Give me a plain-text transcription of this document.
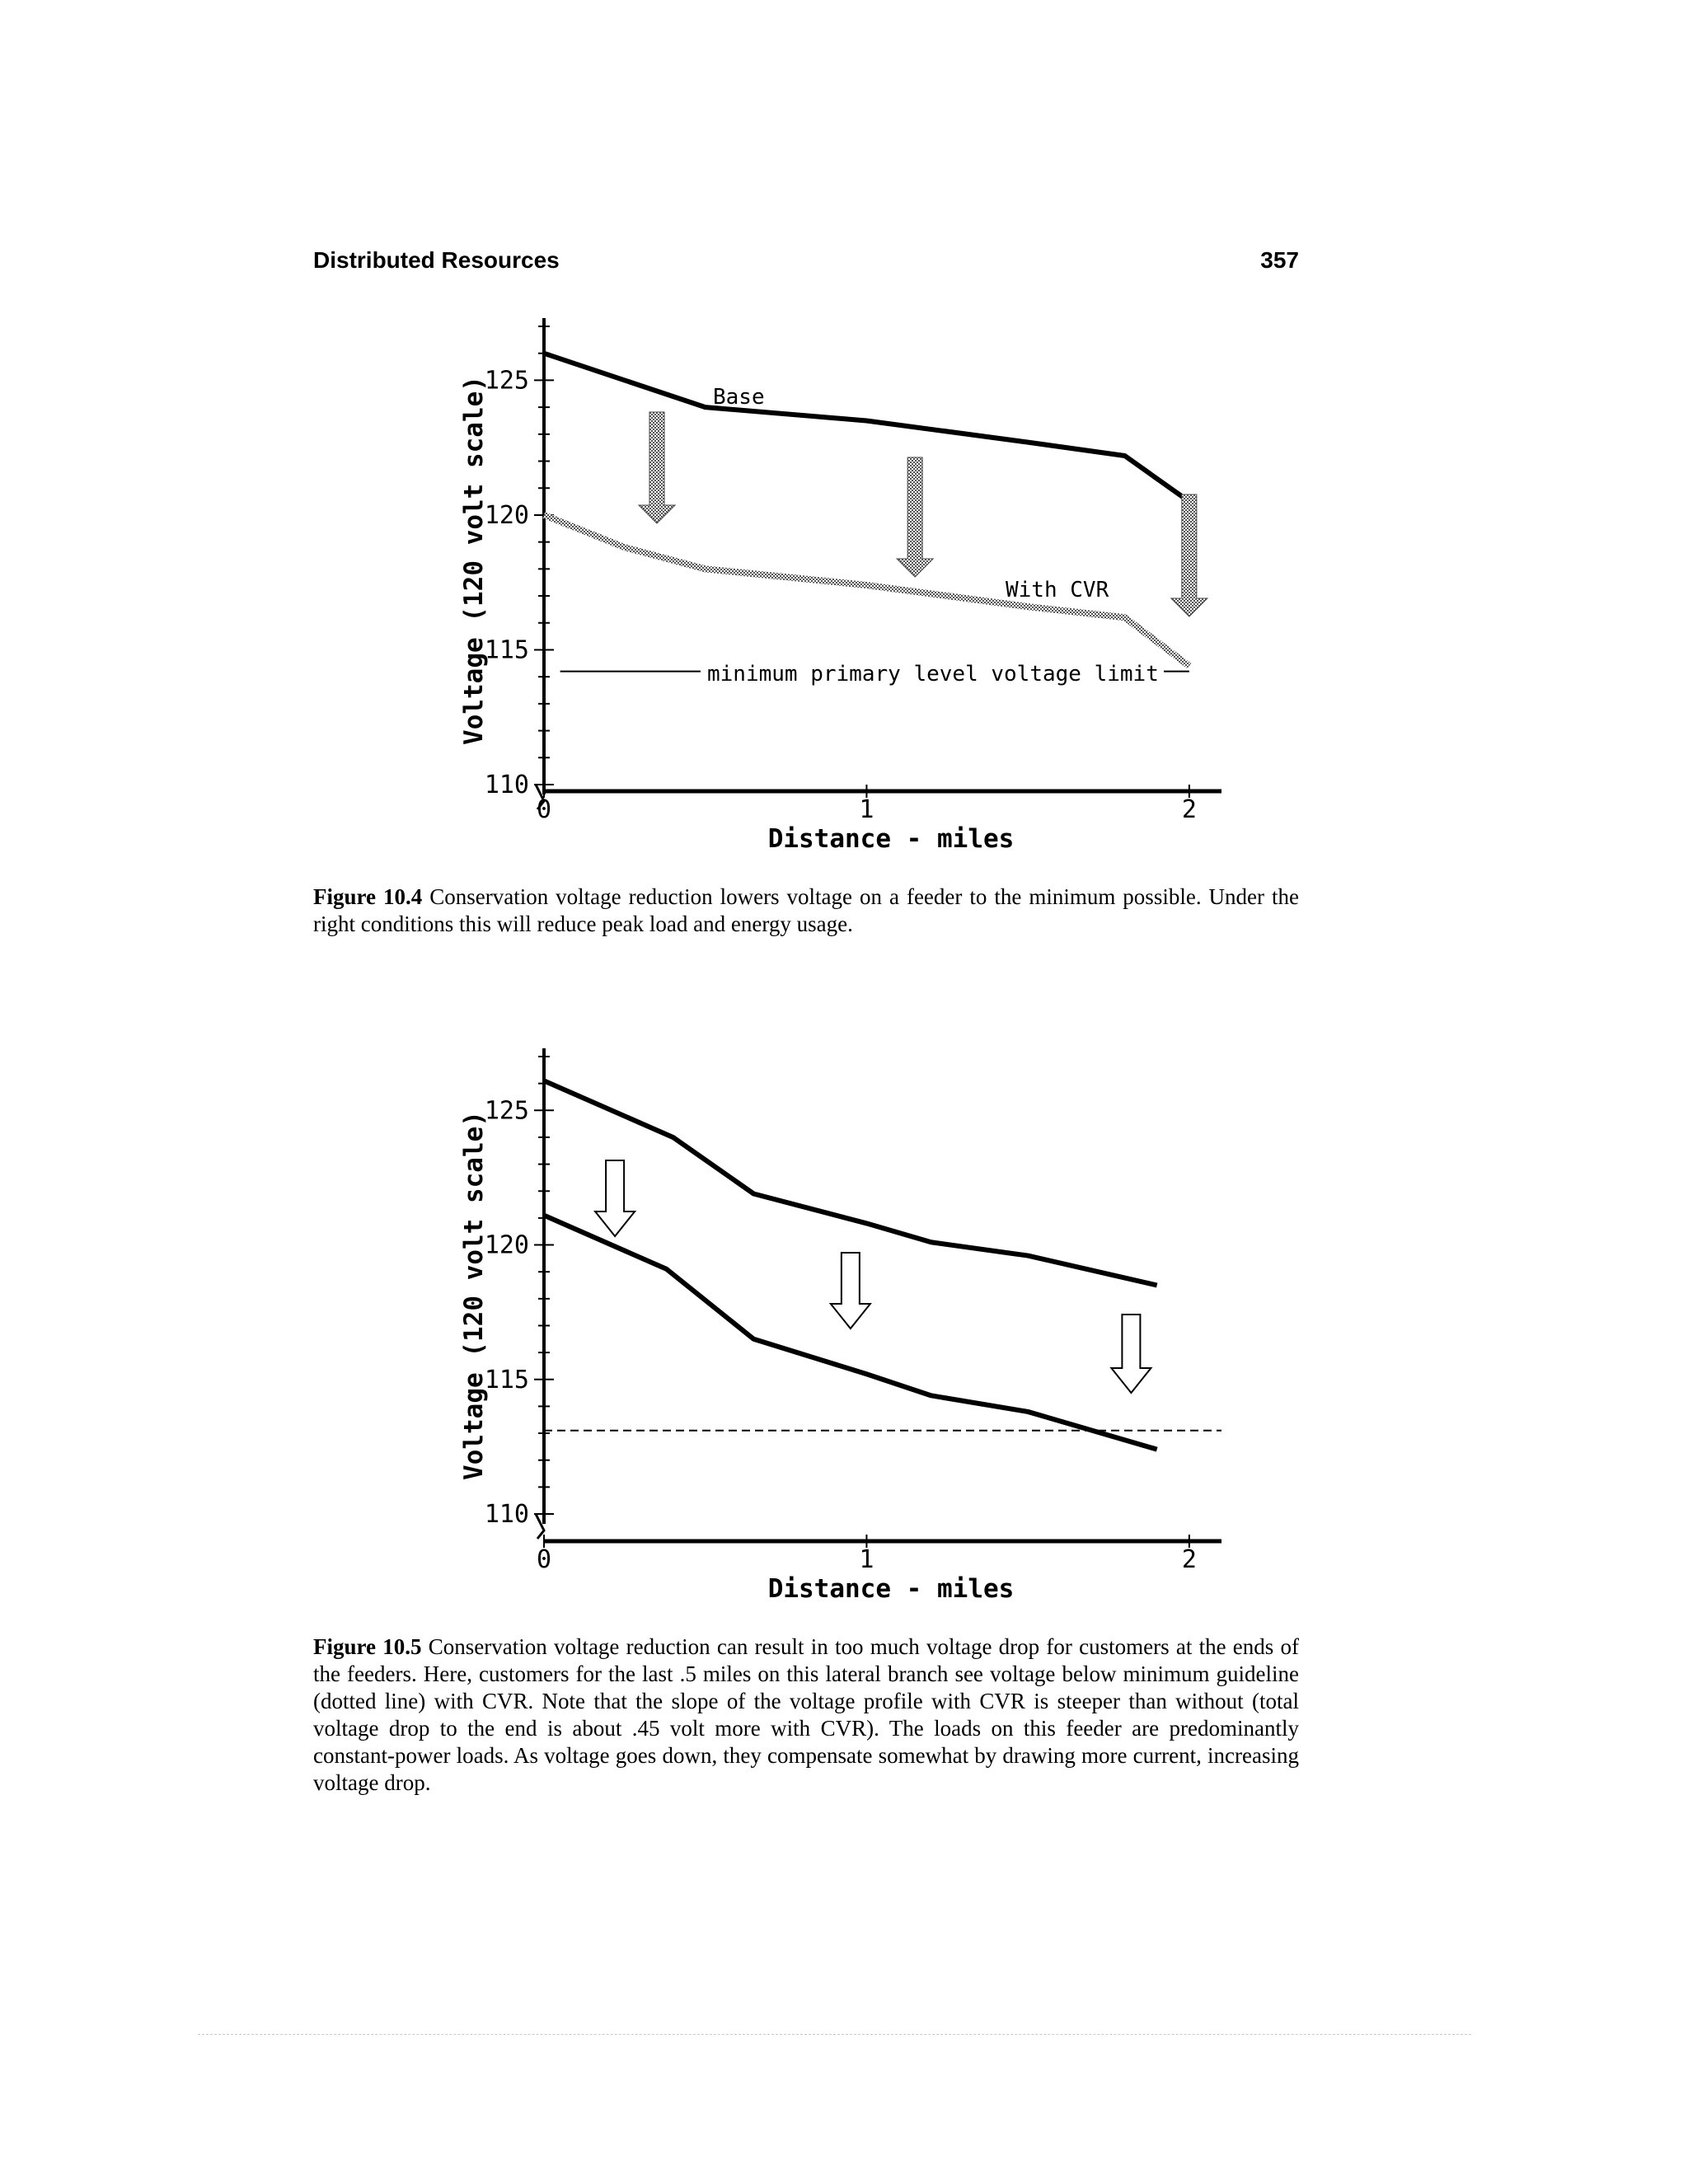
Distributed Resources	357
110
115
120
125
0	1	2
Distance - miles
Voltage (120 volt scale)	Base
With CVR
minimum primary level voltage limit
110
115
120
125
0	1	2
Distance - miles
Voltage (120 volt scale)

Figure 10.4 Conservation voltage reduction lowers voltage on a feeder to the minimum possible. Under the right conditions this will reduce peak load and energy usage.

Figure 10.5 Conservation voltage reduction can result in too much voltage drop for customers at the ends of the feeders. Here, customers for the last .5 miles on this lateral branch see voltage below minimum guideline (dotted line) with CVR. Note that the slope of the voltage profile with CVR is steeper than without (total voltage drop to the end is about .45 volt more with CVR). The loads on this feeder are predominantly constant-power loads. As voltage goes down, they compensate somewhat by drawing more current, increasing voltage drop.
